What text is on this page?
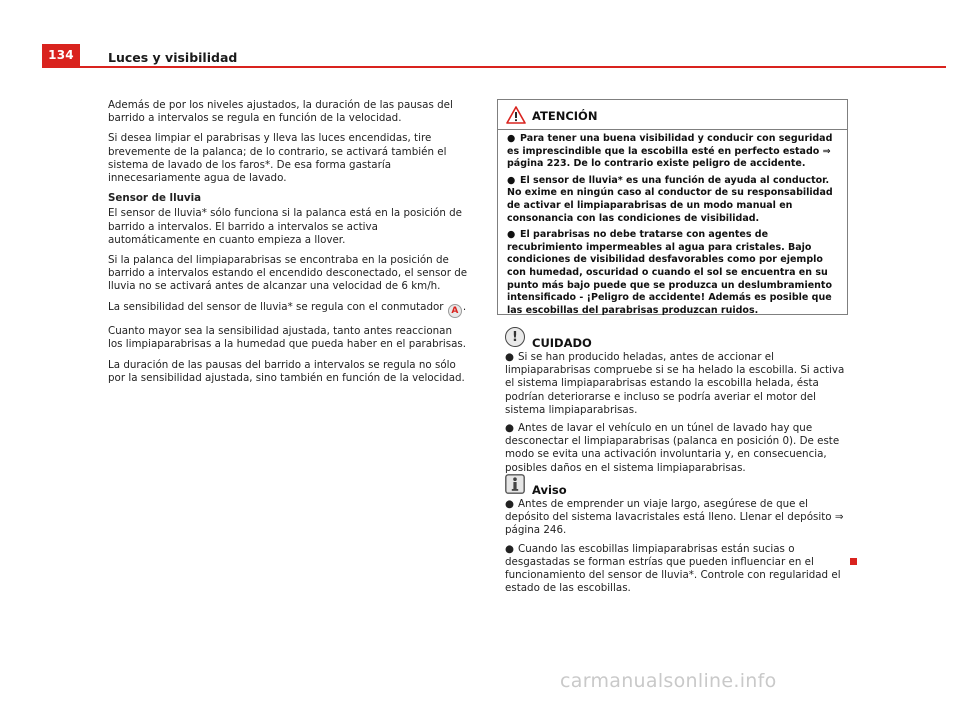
134	Luces y visibilidad

Además de por los niveles ajustados, la duración de las pausas del barrido a intervalos se regula en función de la velocidad.

Si desea limpiar el parabrisas y lleva las luces encendidas, tire brevemente de la palanca; de lo contrario, se activará también el sistema de lavado de los faros*. De esa forma gastaría innecesariamente agua de lavado.

Sensor de lluvia

El sensor de lluvia* sólo funciona si la palanca está en la posición de barrido a intervalos. El barrido a intervalos se activa automáticamente en cuanto empieza a llover.

Si la palanca del limpiaparabrisas se encontraba en la posición de barrido a intervalos estando el encendido desconectado, el sensor de lluvia no se activará antes de alcanzar una velocidad de 6 km/h.

La sensibilidad del sensor de lluvia* se regula con el conmutador A .

Cuanto mayor sea la sensibilidad ajustada, tanto antes reaccionan los limpiaparabrisas a la humedad que pueda haber en el parabrisas.

La duración de las pausas del barrido a intervalos se regula no sólo por la sensibilidad ajustada, sino también en función de la velocidad.

ATENCIÓN

● Para tener una buena visibilidad y conducir con seguridad es imprescindible que la escobilla esté en perfecto estado ⇒ página 223. De lo contrario existe peligro de accidente.

● El sensor de lluvia* es una función de ayuda al conductor. No exime en ningún caso al conductor de su responsabilidad de activar el limpiaparabrisas de un modo manual en consonancia con las condiciones de visibilidad.

● El parabrisas no debe tratarse con agentes de recubrimiento impermeables al agua para cristales. Bajo condiciones de visibilidad desfavorables como por ejemplo con humedad, oscuridad o cuando el sol se encuentra en su punto más bajo puede que se produzca un deslumbramiento intensificado - ¡Peligro de accidente! Además es posible que las escobillas del parabrisas produzcan ruidos.

!	CUIDADO

● Si se han producido heladas, antes de accionar el limpiaparabrisas compruebe si se ha helado la escobilla. Si activa el sistema limpiaparabrisas estando la escobilla helada, ésta podrían deteriorarse e incluso se podría averiar el motor del sistema limpiaparabrisas.

● Antes de lavar el vehículo en un túnel de lavado hay que desconectar el limpiaparabrisas (palanca en posición 0). De este modo se evita una activación involuntaria y, en consecuencia, posibles daños en el sistema limpiaparabrisas.

Aviso

● Antes de emprender un viaje largo, asegúrese de que el depósito del sistema lavacristales está lleno. Llenar el depósito ⇒ página 246.

● Cuando las escobillas limpiaparabrisas están sucias o desgastadas se forman estrías que pueden influenciar en el funcionamiento del sensor de lluvia*. Controle con regularidad el estado de las escobillas.

carmanualsonline.info
